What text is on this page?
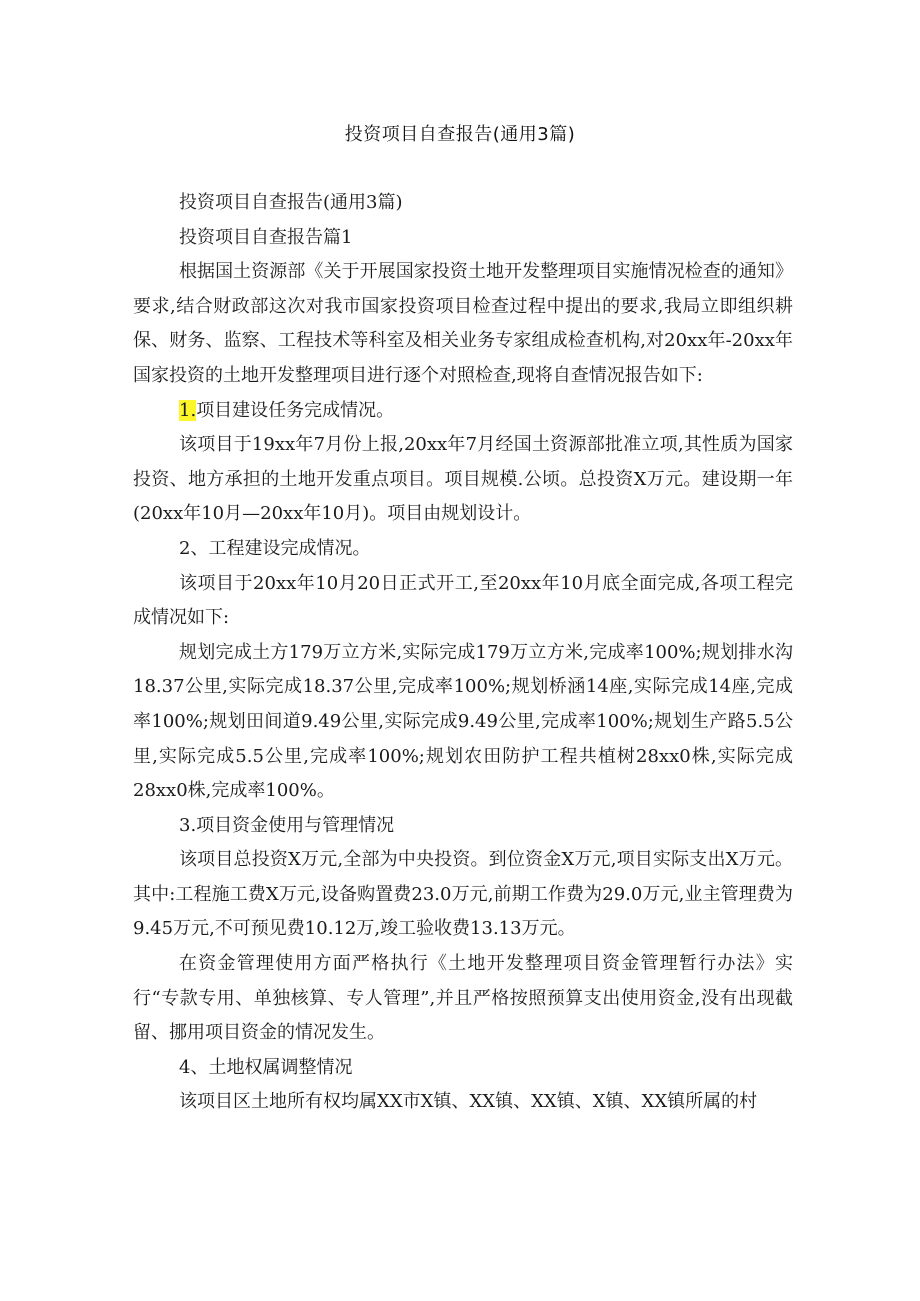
投资项目自查报告(通用3篇)

投资项目自查报告(通用3篇)

投资项目自查报告篇1

根据国土资源部《关于开展国家投资土地开发整理项目实施情况检查的通知》要求,结合财政部这次对我市国家投资项目检查过程中提出的要求,我局立即组织耕保、财务、监察、工程技术等科室及相关业务专家组成检查机构,对20xx年-20xx年国家投资的土地开发整理项目进行逐个对照检查,现将自查情况报告如下:

1.项目建设任务完成情况。

该项目于19xx年7月份上报,20xx年7月经国土资源部批准立项,其性质为国家投资、地方承担的土地开发重点项目。项目规模.公顷。总投资X万元。建设期一年(20xx年10月—20xx年10月)。项目由规划设计。

2、工程建设完成情况。

该项目于20xx年10月20日正式开工,至20xx年10月底全面完成,各项工程完成情况如下:

规划完成土方179万立方米,实际完成179万立方米,完成率100%;规划排水沟18.37公里,实际完成18.37公里,完成率100%;规划桥涵14座,实际完成14座,完成率100%;规划田间道9.49公里,实际完成9.49公里,完成率100%;规划生产路5.5公里,实际完成5.5公里,完成率100%;规划农田防护工程共植树28xx0株,实际完成28xx0株,完成率100%。

3.项目资金使用与管理情况

该项目总投资X万元,全部为中央投资。到位资金X万元,项目实际支出X万元。其中:工程施工费X万元,设备购置费23.0万元,前期工作费为29.0万元,业主管理费为9.45万元,不可预见费10.12万,竣工验收费13.13万元。

在资金管理使用方面严格执行《土地开发整理项目资金管理暂行办法》实行“专款专用、单独核算、专人管理”,并且严格按照预算支出使用资金,没有出现截留、挪用项目资金的情况发生。

4、土地权属调整情况

该项目区土地所有权均属XX市X镇、XX镇、XX镇、X镇、XX镇所属的村
